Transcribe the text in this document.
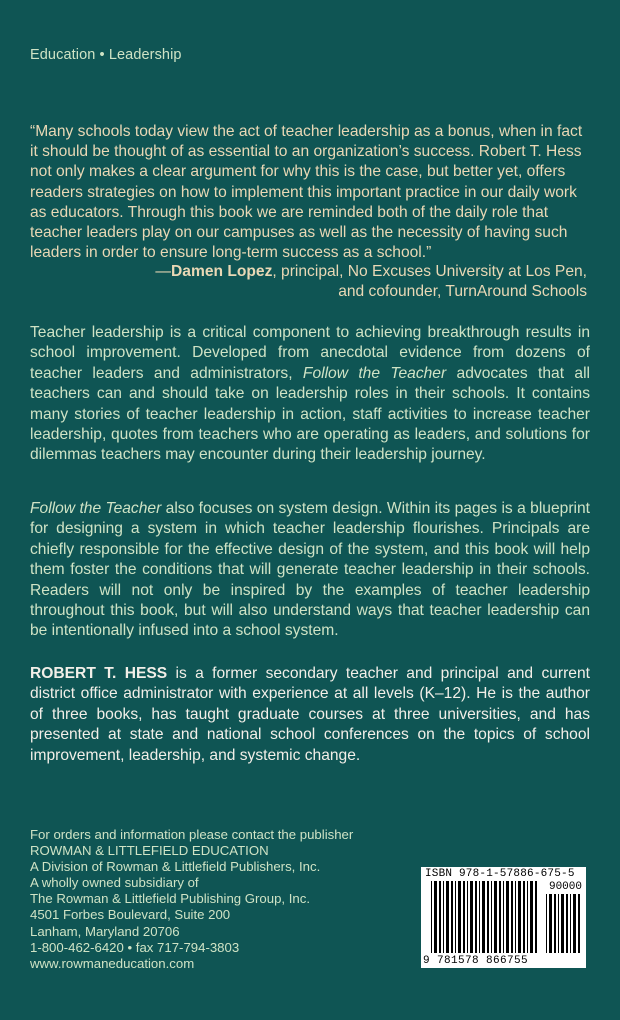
Education • Leadership

“Many schools today view the act of teacher leadership as a bonus, when in fact it should be thought of as essential to an organization’s success. Robert T. Hess not only makes a clear argument for why this is the case, but better yet, offers readers strategies on how to implement this important practice in our daily work as educators. Through this book we are reminded both of the daily role that teacher leaders play on our campuses as well as the necessity of having such leaders in order to ensure long-term success as a school.”

—Damen Lopez, principal, No Excuses University at Los Pen,
and cofounder, TurnAround Schools

Teacher leadership is a critical component to achieving breakthrough results in school improvement. Developed from anecdotal evidence from dozens of teacher leaders and administrators, Follow the Teacher advocates that all teachers can and should take on leadership roles in their schools. It contains many stories of teacher leadership in action, staff activities to increase teacher leadership, quotes from teachers who are operating as leaders, and solutions for dilemmas teachers may encounter during their leadership journey.

Follow the Teacher also focuses on system design. Within its pages is a blueprint for designing a system in which teacher leadership flourishes. Principals are chiefly responsible for the effective design of the system, and this book will help them foster the conditions that will generate teacher leadership in their schools. Readers will not only be inspired by the examples of teacher leadership throughout this book, but will also understand ways that teacher leadership can be intentionally infused into a school system.

ROBERT T. HESS is a former secondary teacher and principal and current district office administrator with experience at all levels (K–12). He is the author of three books, has taught graduate courses at three universities, and has presented at state and national school conferences on the topics of school improvement, leadership, and systemic change.

For orders and information please contact the publisher
ROWMAN & LITTLEFIELD EDUCATION
A Division of Rowman & Littlefield Publishers, Inc.
A wholly owned subsidiary of
The Rowman & Littlefield Publishing Group, Inc.
4501 Forbes Boulevard, Suite 200
Lanham, Maryland 20706
1-800-462-6420 • fax 717-794-3803
www.rowmaneducation.com
ISBN 978-1-57886-675-5
90000
9 781578 866755
